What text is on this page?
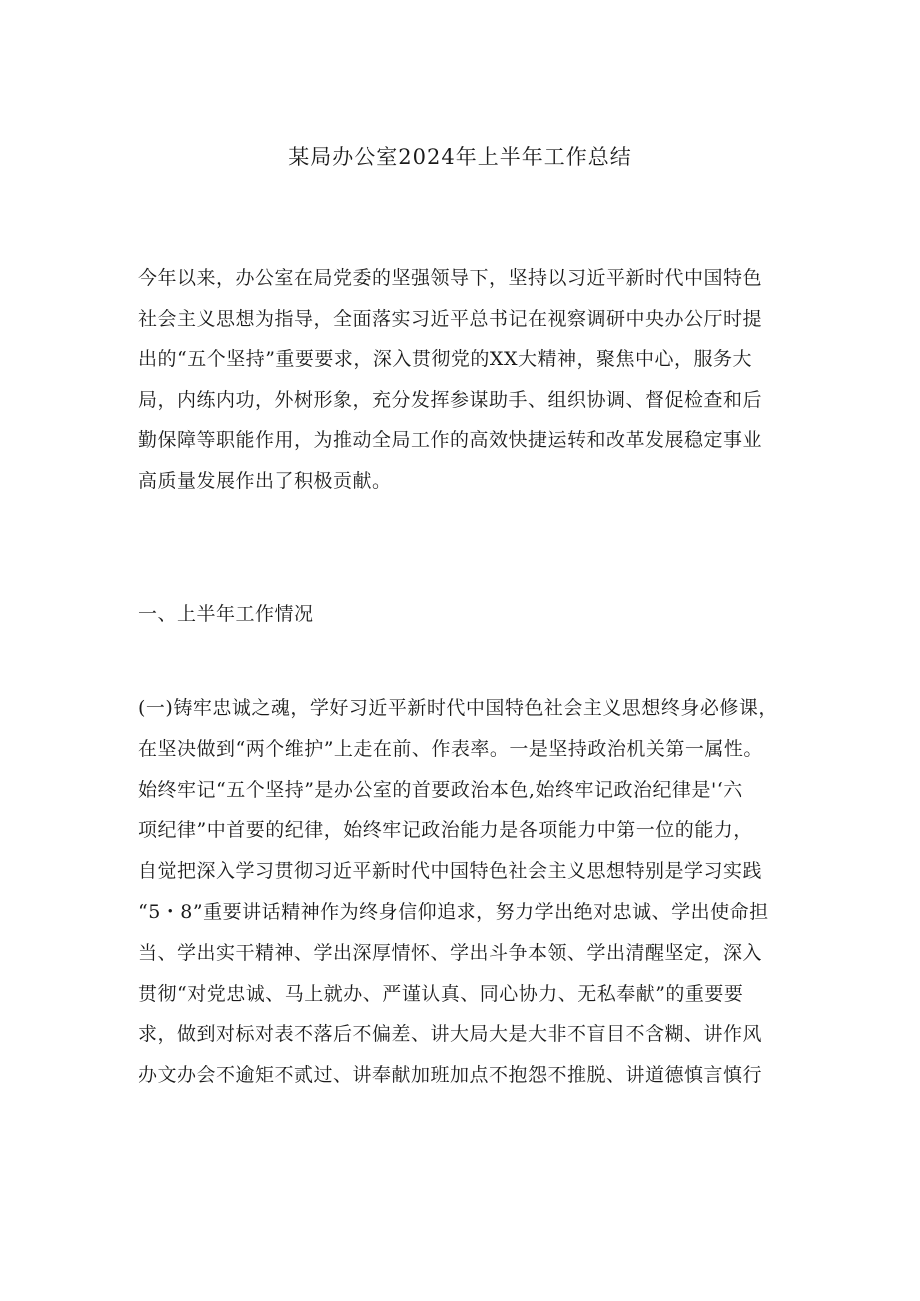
某局办公室2024年上半年工作总结
今年以来，办公室在局党委的坚强领导下，坚持以习近平新时代中国特色
社会主义思想为指导，全面落实习近平总书记在视察调研中央办公厅时提
出的“五个坚持”重要要求，深入贯彻党的XX大精神，聚焦中心，服务大
局，内练内功，外树形象，充分发挥参谋助手、组织协调、督促检查和后
勤保障等职能作用，为推动全局工作的高效快捷运转和改革发展稳定事业
高质量发展作出了积极贡献。
一、上半年工作情况
(一)铸牢忠诚之魂，学好习近平新时代中国特色社会主义思想终身必修课，
在坚决做到“两个维护”上走在前、作表率。一是坚持政治机关第一属性。
始终牢记“五个坚持”是办公室的首要政治本色,始终牢记政治纪律是'‘六
项纪律”中首要的纪律，始终牢记政治能力是各项能力中第一位的能力，
自觉把深入学习贯彻习近平新时代中国特色社会主义思想特别是学习实践
“5・8”重要讲话精神作为终身信仰追求，努力学出绝对忠诚、学出使命担
当、学出实干精神、学出深厚情怀、学出斗争本领、学出清醒坚定，深入
贯彻“对党忠诚、马上就办、严谨认真、同心协力、无私奉献”的重要要
求，做到对标对表不落后不偏差、讲大局大是大非不盲目不含糊、讲作风
办文办会不逾矩不贰过、讲奉献加班加点不抱怨不推脱、讲道德慎言慎行
